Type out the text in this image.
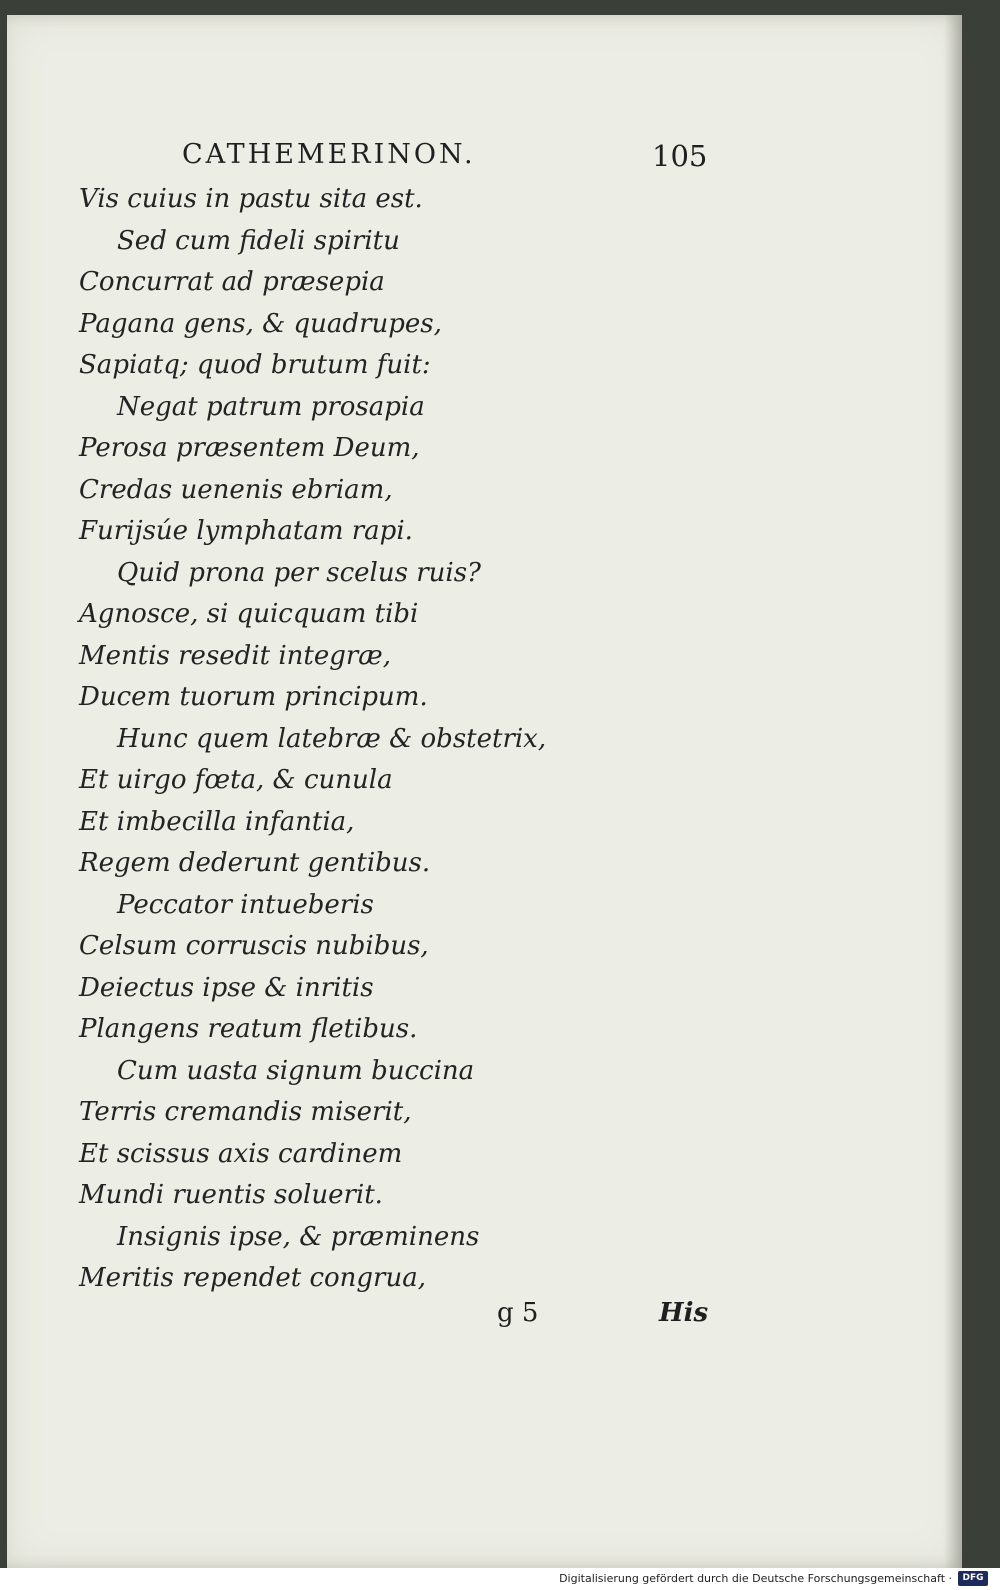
CATHEMERINON.	105
Vis cuius in pastu sita est.
Sed cum fideli spiritu
Concurrat ad præsepia
Pagana gens, & quadrupes,
Sapiatq; quod brutum fuit:
Negat patrum prosapia
Perosa præsentem Deum,
Credas uenenis ebriam,
Furijsúe lymphatam rapi.
Quid prona per scelus ruis?
Agnosce, si quicquam tibi
Mentis resedit integræ,
Ducem tuorum principum.
Hunc quem latebræ & obstetrix,
Et uirgo fœta, & cunula
Et imbecilla infantia,
Regem dederunt gentibus.
Peccator intueberis
Celsum corruscis nubibus,
Deiectus ipse & inritis
Plangens reatum fletibus.
Cum uasta signum buccina
Terris cremandis miserit,
Et scissus axis cardinem
Mundi ruentis soluerit.
Insignis ipse, & præminens
Meritis rependet congrua,
g 5	His
Digitalisierung gefördert durch die Deutsche Forschungsgemeinschaft ·	DFG
